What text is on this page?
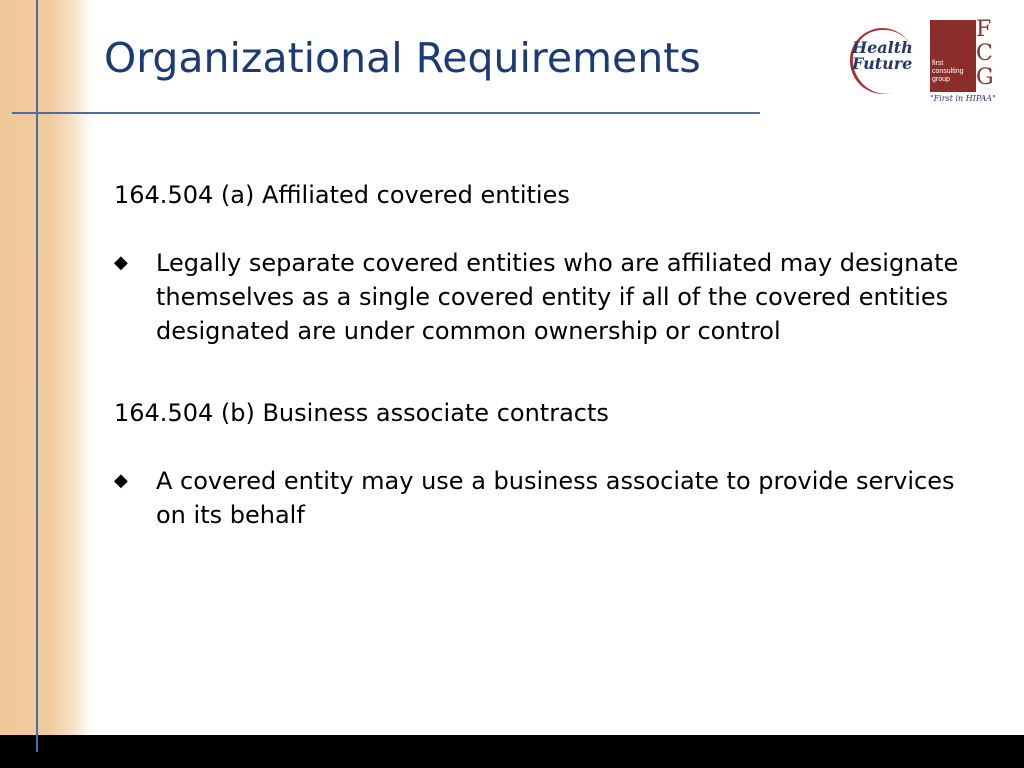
Organizational Requirements	Health
Future	first
consulting
group
F
C
G
"First in HIPAA"
164.504 (a) Affiliated covered entities
◆	Legally separate covered entities who are affiliated may designate themselves as a single covered entity if all of the covered entities designated are under common ownership or control
164.504 (b) Business associate contracts
◆	A covered entity may use a business associate to provide services on its behalf
